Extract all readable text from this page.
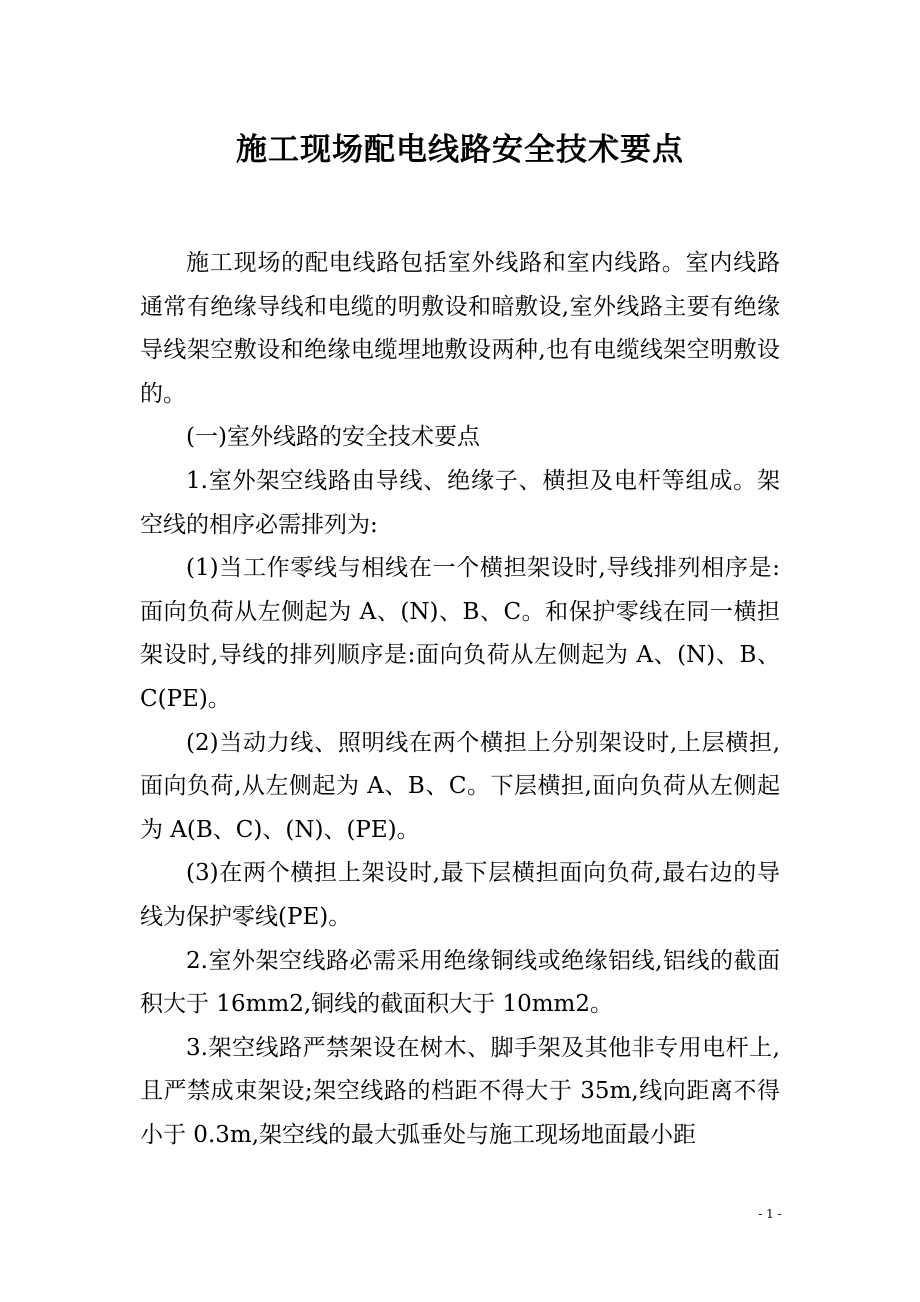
施工现场配电线路安全技术要点

施工现场的配电线路包括室外线路和室内线路。室内线路通常有绝缘导线和电缆的明敷设和暗敷设,室外线路主要有绝缘导线架空敷设和绝缘电缆埋地敷设两种,也有电缆线架空明敷设的。

(一)室外线路的安全技术要点

1.室外架空线路由导线、绝缘子、横担及电杆等组成。架空线的相序必需排列为:

(1)当工作零线与相线在一个横担架设时,导线排列相序是:面向负荷从左侧起为 A、(N)、B、C。和保护零线在同一横担架设时,导线的排列顺序是:面向负荷从左侧起为 A、(N)、B、C(PE)。

(2)当动力线、照明线在两个横担上分别架设时,上层横担,面向负荷,从左侧起为 A、B、C。下层横担,面向负荷从左侧起为 A(B、C)、(N)、(PE)。

(3)在两个横担上架设时,最下层横担面向负荷,最右边的导线为保护零线(PE)。

2.室外架空线路必需采用绝缘铜线或绝缘铝线,铝线的截面积大于 16mm2,铜线的截面积大于 10mm2。

3.架空线路严禁架设在树木、脚手架及其他非专用电杆上,且严禁成束架设;架空线路的档距不得大于 35m,线向距离不得小于 0.3m,架空线的最大弧垂处与施工现场地面最小距

- 1 -
